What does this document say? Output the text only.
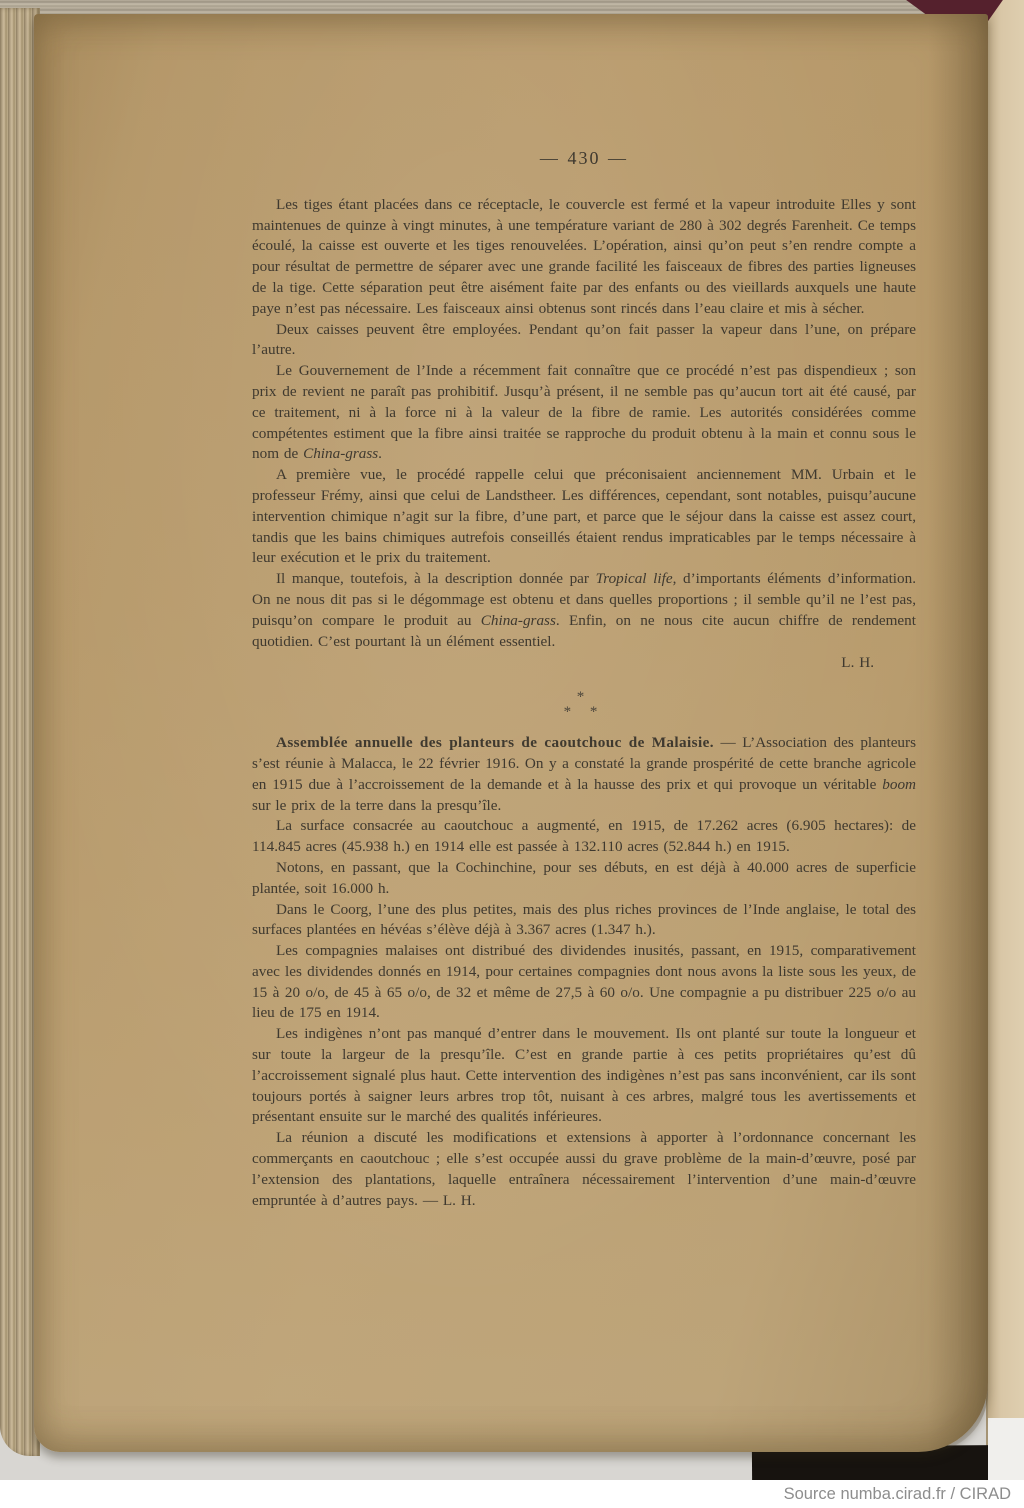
— 430 —

Les tiges étant placées dans ce réceptacle, le couvercle est fermé et la vapeur introduite Elles y sont maintenues de quinze à vingt minutes, à une température variant de 280 à 302 degrés Farenheit. Ce temps écoulé, la caisse est ouverte et les tiges renouvelées. L’opération, ainsi qu’on peut s’en rendre compte a pour résultat de permettre de séparer avec une grande facilité les faisceaux de fibres des parties ligneuses de la tige. Cette séparation peut être aisément faite par des enfants ou des vieillards auxquels une haute paye n’est pas nécessaire. Les faisceaux ainsi obtenus sont rincés dans l’eau claire et mis à sécher.

Deux caisses peuvent être employées. Pendant qu’on fait passer la vapeur dans l’une, on prépare l’autre.

Le Gouvernement de l’Inde a récemment fait connaître que ce procédé n’est pas dispendieux ; son prix de revient ne paraît pas prohibitif. Jusqu’à présent, il ne semble pas qu’aucun tort ait été causé, par ce traitement, ni à la force ni à la valeur de la fibre de ramie. Les autorités considérées comme compétentes estiment que la fibre ainsi traitée se rapproche du produit obtenu à la main et connu sous le nom de China-grass.

A première vue, le procédé rappelle celui que préconisaient anciennement MM. Urbain et le professeur Frémy, ainsi que celui de Landstheer. Les différences, cependant, sont notables, puisqu’aucune intervention chimique n’agit sur la fibre, d’une part, et parce que le séjour dans la caisse est assez court, tandis que les bains chimiques autrefois conseillés étaient rendus impraticables par le temps nécessaire à leur exécution et le prix du traitement.

Il manque, toutefois, à la description donnée par Tropical life, d’importants éléments d’information. On ne nous dit pas si le dégommage est obtenu et dans quelles proportions ; il semble qu’il ne l’est pas, puisqu’on compare le produit au China-grass. Enfin, on ne nous cite aucun chiffre de rendement quotidien. C’est pourtant là un élément essentiel.

L. H.
*
* *

Assemblée annuelle des planteurs de caoutchouc de Malaisie. — L’Association des planteurs s’est réunie à Malacca, le 22 février 1916. On y a constaté la grande prospérité de cette branche agricole en 1915 due à l’accroissement de la demande et à la hausse des prix et qui provoque un véritable boom sur le prix de la terre dans la presqu’île.

La surface consacrée au caoutchouc a augmenté, en 1915, de 17.262 acres (6.905 hectares): de 114.845 acres (45.938 h.) en 1914 elle est passée à 132.110 acres (52.844 h.) en 1915.

Notons, en passant, que la Cochinchine, pour ses débuts, en est déjà à 40.000 acres de superficie plantée, soit 16.000 h.

Dans le Coorg, l’une des plus petites, mais des plus riches provinces de l’Inde anglaise, le total des surfaces plantées en hévéas s’élève déjà à 3.367 acres (1.347 h.).

Les compagnies malaises ont distribué des dividendes inusités, passant, en 1915, comparativement avec les dividendes donnés en 1914, pour certaines compagnies dont nous avons la liste sous les yeux, de 15 à 20 o/o, de 45 à 65 o/o, de 32 et même de 27,5 à 60 o/o. Une compagnie a pu distribuer 225 o/o au lieu de 175 en 1914.

Les indigènes n’ont pas manqué d’entrer dans le mouvement. Ils ont planté sur toute la longueur et sur toute la largeur de la presqu’île. C’est en grande partie à ces petits propriétaires qu’est dû l’accroissement signalé plus haut. Cette intervention des indigènes n’est pas sans inconvénient, car ils sont toujours portés à saigner leurs arbres trop tôt, nuisant à ces arbres, malgré tous les avertissements et présentant ensuite sur le marché des qualités inférieures.

La réunion a discuté les modifications et extensions à apporter à l’ordonnance concernant les commerçants en caoutchouc ; elle s’est occupée aussi du grave problème de la main-d’œuvre, posé par l’extension des plantations, laquelle entraînera nécessairement l’intervention d’une main-d’œuvre empruntée à d’autres pays. — L. H.

Source numba.cirad.fr / CIRAD
